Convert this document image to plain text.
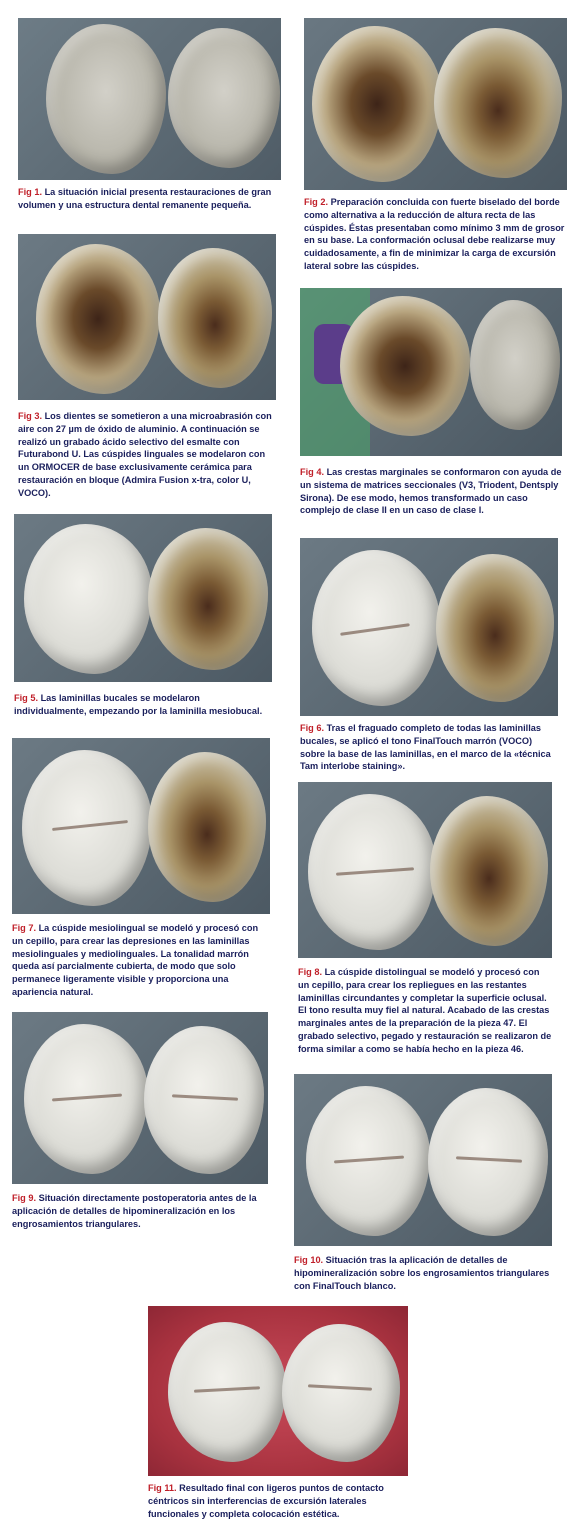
Fig 1. La situación inicial presenta restauraciones de gran volumen y una estructura dental remanente pequeña.	Fig 2. Preparación concluida con fuerte biselado del borde como alternativa a la reducción de altura recta de las cúspides. Éstas presentaban como mínimo 3 mm de grosor en su base. La conformación oclusal debe realizarse muy cuidadosamente, a fin de minimizar la carga de excursión lateral sobre las cúspides.

Fig 3. Los dientes se sometieron a una microabrasión con aire con 27 µm de óxido de aluminio. A continuación se realizó un grabado ácido selectivo del esmalte con Futurabond U. Las cúspides linguales se modelaron con un ORMOCER de base exclusivamente cerámica para restauración en bloque (Admira Fusion x-tra, color U, VOCO).

Fig 4. Las crestas marginales se conformaron con ayuda de un sistema de matrices seccionales (V3, Triodent, Dentsply Sirona). De ese modo, hemos transformado un caso complejo de clase II en un caso de clase I.

Fig 5. Las laminillas bucales se modelaron individualmente, empezando por la laminilla mesiobucal.

Fig 6. Tras el fraguado completo de todas las laminillas bucales, se aplicó el tono FinalTouch marrón (VOCO) sobre la base de las laminillas, en el marco de la «técnica Tam interlobe staining».

Fig 7. La cúspide mesiolingual se modeló y procesó con un cepillo, para crear las depresiones en las laminillas mesiolinguales y mediolinguales. La tonalidad marrón queda así parcialmente cubierta, de modo que solo permanece ligeramente visible y proporciona una apariencia natural.

Fig 8. La cúspide distolingual se modeló y procesó con un cepillo, para crear los repliegues en las restantes laminillas circundantes y completar la superficie oclusal. El tono resulta muy fiel al natural. Acabado de las crestas marginales antes de la preparación de la pieza 47. El grabado selectivo, pegado y restauración se realizaron de forma similar a como se había hecho en la pieza 46.

Fig 9. Situación directamente postoperatoria antes de la aplicación de detalles de hipomineralización en los engrosamientos triangulares.

Fig 10. Situación tras la aplicación de detalles de hipomineralización sobre los engrosamientos triangulares con FinalTouch blanco.

Fig 11. Resultado final con ligeros puntos de contacto céntricos sin interferencias de excursión laterales funcionales y completa colocación estética.
